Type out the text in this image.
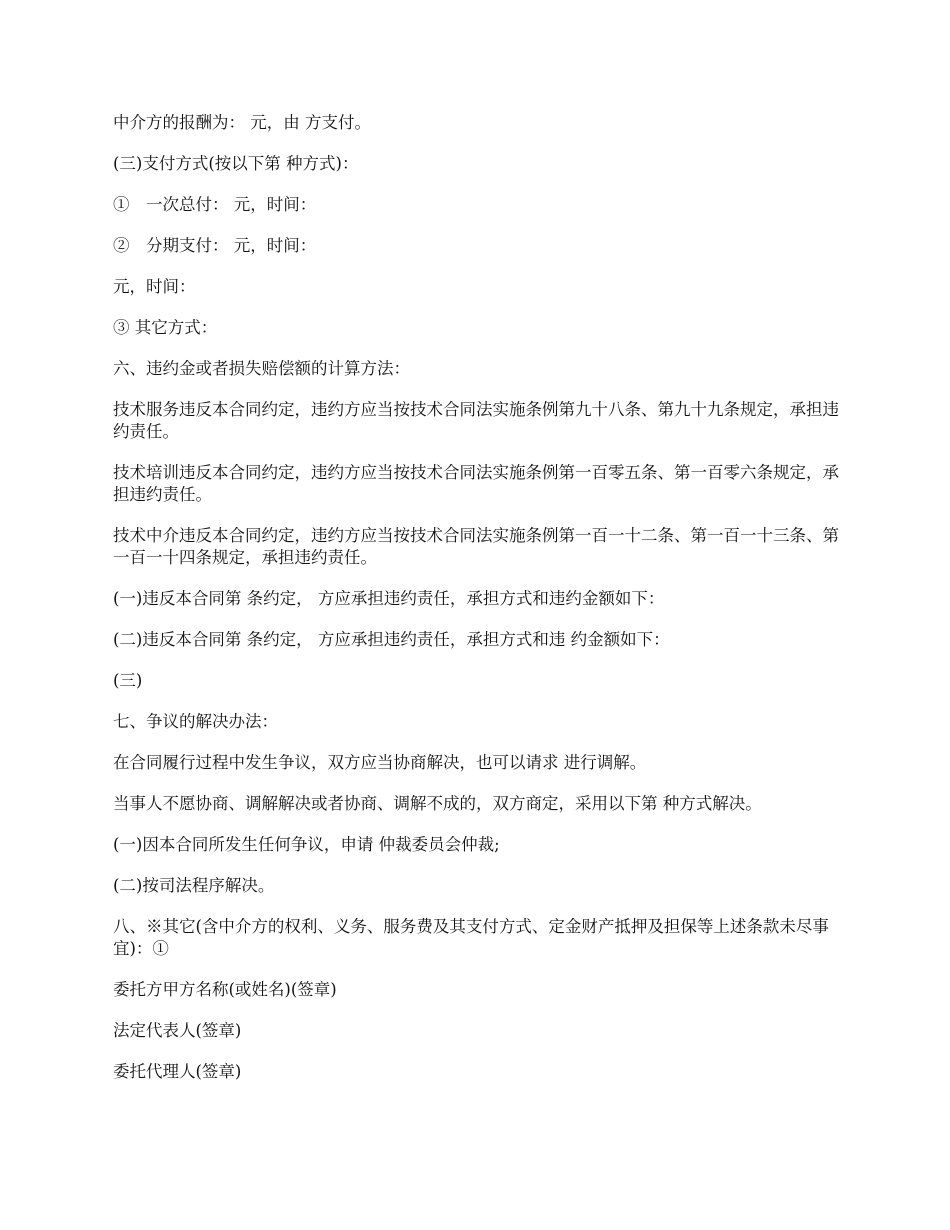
中介方的报酬为： 元，由 方支付。

(三)支付方式(按以下第 种方式)：

①　一次总付： 元，时间：

②　分期支付： 元，时间：

元，时间：

③ 其它方式：

六、违约金或者损失赔偿额的计算方法：

技术服务违反本合同约定，违约方应当按技术合同法实施条例第九十八条、第九十九条规定，承担违约责任。

技术培训违反本合同约定，违约方应当按技术合同法实施条例第一百零五条、第一百零六条规定，承担违约责任。

技术中介违反本合同约定，违约方应当按技术合同法实施条例第一百一十二条、第一百一十三条、第一百一十四条规定，承担违约责任。

(一)违反本合同第 条约定， 方应承担违约责任，承担方式和违约金额如下：

(二)违反本合同第 条约定， 方应承担违约责任，承担方式和违 约金额如下：

(三)

七、争议的解决办法：

在合同履行过程中发生争议，双方应当协商解决，也可以请求 进行调解。

当事人不愿协商、调解解决或者协商、调解不成的，双方商定，采用以下第 种方式解决。

(一)因本合同所发生任何争议，申请 仲裁委员会仲裁;

(二)按司法程序解决。

八、※其它(含中介方的权利、义务、服务费及其支付方式、定金财产抵押及担保等上述条款未尽事宜)：①

委托方甲方名称(或姓名)(签章)

法定代表人(签章)

委托代理人(签章)
